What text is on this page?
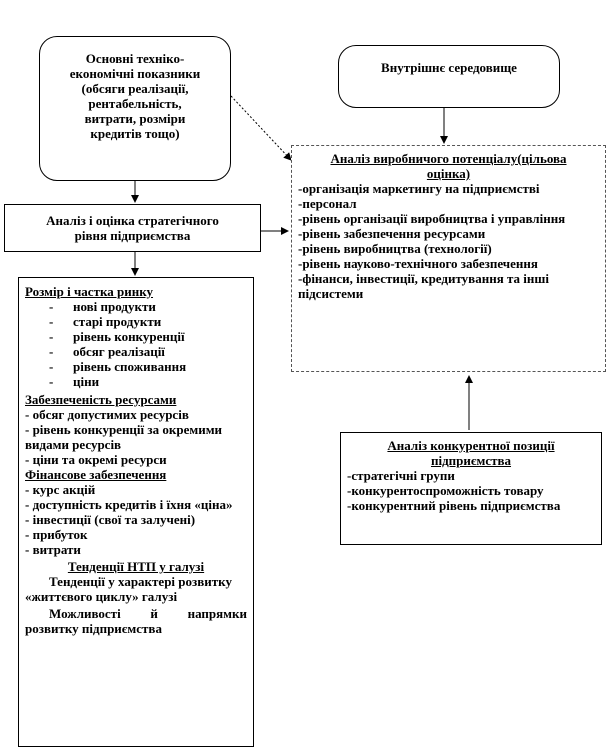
Основні техніко-
економічні показники
(обсяги реалізації,
рентабельність,
витрати, розміри
кредитів тощо)
Внутрішнє середовище
Аналіз і оцінка стратегічного
рівня підприємства
Аналіз виробничого потенціалу(цільова оцінка)
-організація маркетингу на підприємстві
-персонал
-рівень організації виробництва і управління
-рівень забезпечення ресурсами
-рівень виробництва (технології)
-рівень науково-технічного забезпечення
-фінанси, інвестиції, кредитування та інші підсистеми
Аналіз конкурентної позиції підприємства
-стратегічні групи
-конкурентоспроможність товару
-конкурентний рівень підприємства
Розмір і частка ринку
-	нові продукти
-	старі продукти
-	рівень конкуренції
-	обсяг реалізації
-	рівень споживання
-	ціни
Забезпеченість ресурсами
- обсяг допустимих ресурсів
- рівень конкуренції за окремими видами ресурсів
- ціни та окремі ресурси
Фінансове забезпечення
- курс акцій
- доступність кредитів і їхня «ціна»
- інвестиції (свої та залучені)
- прибуток
- витрати
Тенденції НТП у галузі
Тенденції у характері розвитку «життєвого циклу» галузі
Можливості й напрямки розвитку підприємства
